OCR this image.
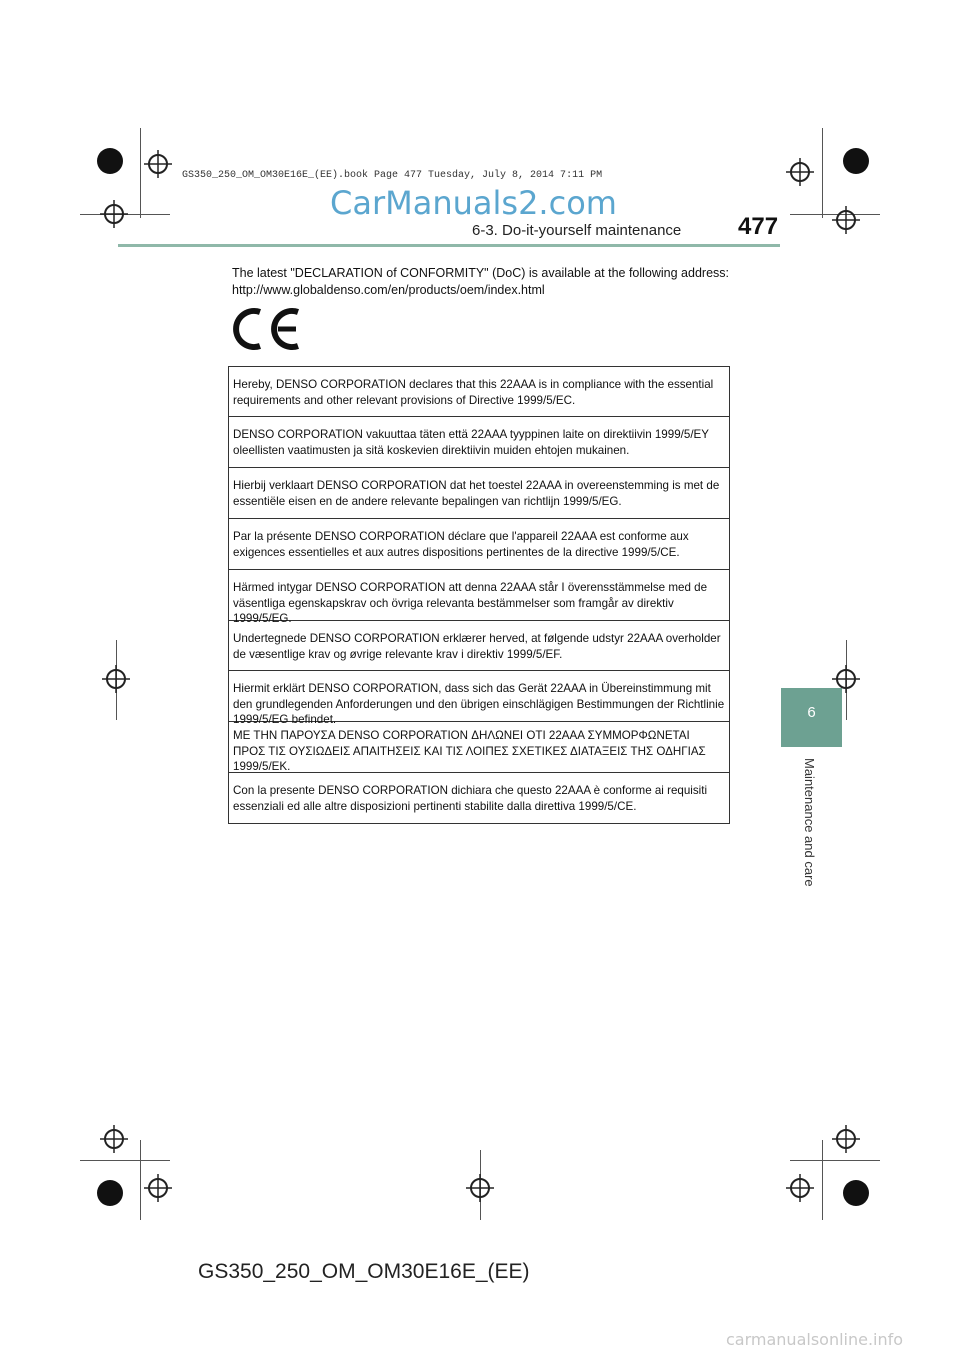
GS350_250_OM_OM30E16E_(EE).book Page 477 Tuesday, July 8, 2014 7:11 PM
CarManuals2.com
6-3. Do-it-yourself maintenance 477
The latest "DECLARATION of CONFORMITY" (DoC) is available at the following address:
http://www.globaldenso.com/en/products/oem/index.html
Hereby, DENSO CORPORATION declares that this 22AAA is in compliance with the essential requirements and other relevant provisions of Directive 1999/5/EC.
DENSO CORPORATION vakuuttaa täten että 22AAA tyyppinen laite on direktiivin 1999/5/EY oleellisten vaatimusten ja sitä koskevien direktiivin muiden ehtojen mukainen.
Hierbij verklaart DENSO CORPORATION dat het toestel 22AAA in overeenstemming is met de essentiële eisen en de andere relevante bepalingen van richtlijn 1999/5/EG.
Par la présente DENSO CORPORATION déclare que l'appareil 22AAA est conforme aux exigences essentielles et aux autres dispositions pertinentes de la directive 1999/5/CE.
Härmed intygar DENSO CORPORATION att denna 22AAA står I överensstämmelse med de väsentliga egenskapskrav och övriga relevanta bestämmelser som framgår av direktiv 1999/5/EG.
Undertegnede DENSO CORPORATION erklærer herved, at følgende udstyr 22AAA overholder de væsentlige krav og øvrige relevante krav i direktiv 1999/5/EF.
Hiermit erklärt DENSO CORPORATION, dass sich das Gerät 22AAA in Übereinstimmung mit den grundlegenden Anforderungen und den übrigen einschlägigen Bestimmungen der Richtlinie 1999/5/EG befindet.
ΜΕ ΤΗΝ ΠΑΡΟΥΣΑ DENSO CORPORATION ΔΗΛΩΝΕΙ ΟΤΙ 22AAA ΣΥΜΜΟΡΦΩΝΕΤΑΙ ΠΡΟΣ ΤΙΣ ΟΥΣΙΩΔΕΙΣ ΑΠΑΙΤΗΣΕΙΣ ΚΑΙ ΤΙΣ ΛΟΙΠΕΣ ΣΧΕΤΙΚΕΣ ΔΙΑΤΑΞΕΙΣ ΤΗΣ ΟΔΗΓΙΑΣ 1999/5/ΕΚ.
Con la presente DENSO CORPORATION dichiara che questo 22AAA è conforme ai requisiti essenziali ed alle altre disposizioni pertinenti stabilite dalla direttiva 1999/5/CE.
6
Maintenance and care
GS350_250_OM_OM30E16E_(EE)
carmanualsonline.info
